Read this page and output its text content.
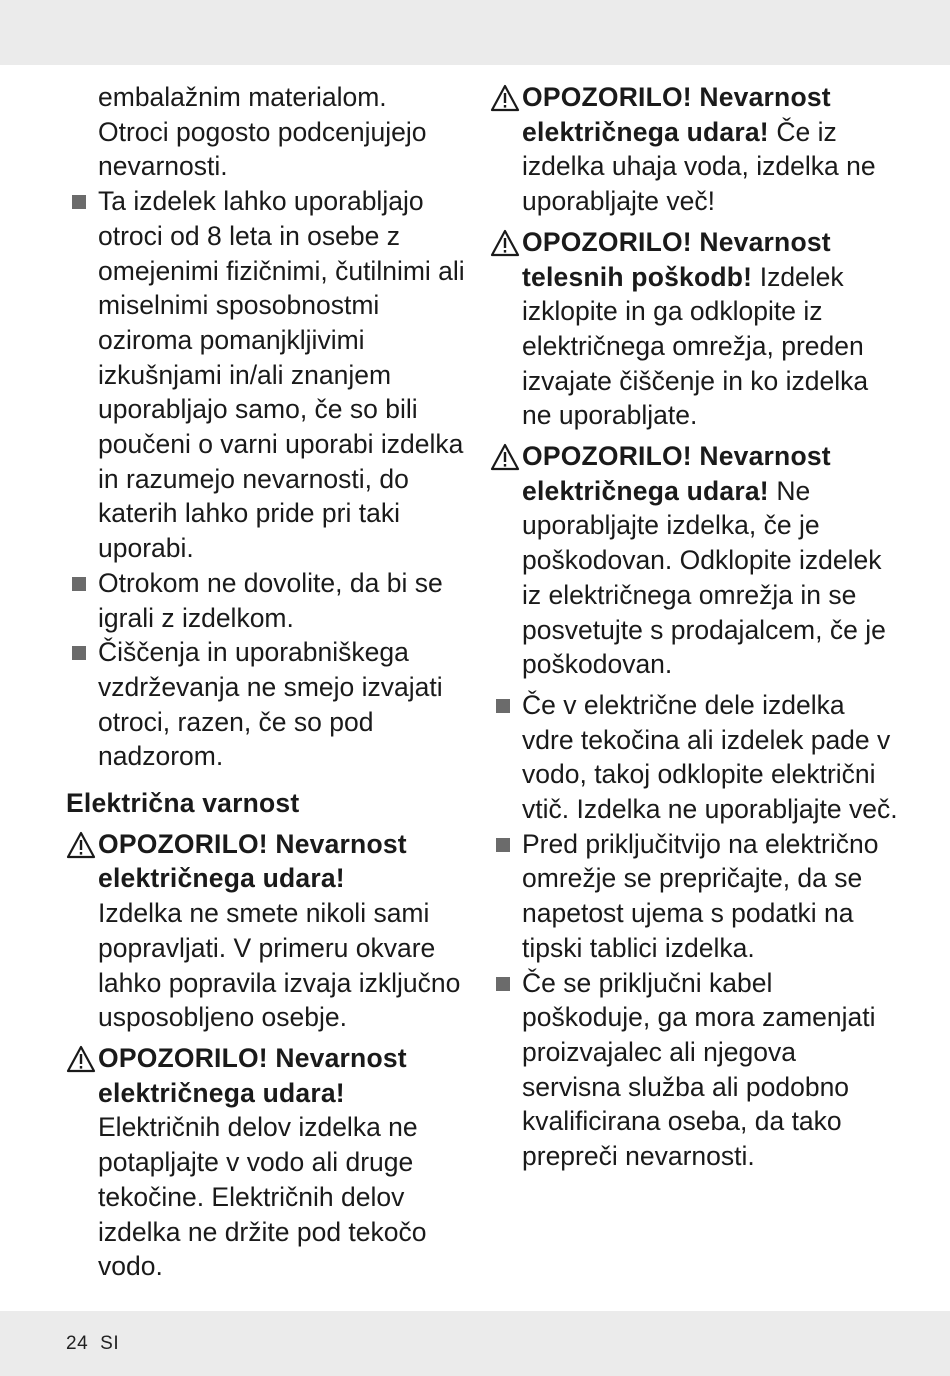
embalažnim materialom.
Otroci pogosto podcenjujejo
nevarnosti.
Ta izdelek lahko uporabljajo otroci od 8 leta in osebe z omejenimi fizičnimi, čutilnimi ali miselnimi sposobnostmi oziroma pomanjkljivimi izkušnjami in/ali znanjem uporabljajo samo, če so bili poučeni o varni uporabi izdelka in razumejo nevarnosti, do katerih lahko pride pri taki uporabi.
Otrokom ne dovolite, da bi se igrali z izdelkom.
Čiščenja in uporabniškega vzdrževanja ne smejo izvajati otroci, razen, če so pod nadzorom.
Električna varnost
OPOZORILO! Nevarnost električnega udara!
Izdelka ne smete nikoli sami popravljati. V primeru okvare lahko popravila izvaja izključno usposobljeno osebje.
OPOZORILO! Nevarnost električnega udara!
Električnih delov izdelka ne potapljajte v vodo ali druge tekočine. Električnih delov izdelka ne držite pod tekočo vodo.
OPOZORILO! Nevarnost električnega udara! Če iz izdelka uhaja voda, izdelka ne uporabljajte več!
OPOZORILO! Nevarnost telesnih poškodb! Izdelek izklopite in ga odklopite iz električnega omrežja, preden izvajate čiščenje in ko izdelka ne uporabljate.
OPOZORILO! Nevarnost električnega udara! Ne uporabljajte izdelka, če je poškodovan. Odklopite izdelek iz električnega omrežja in se posvetujte s prodajalcem, če je poškodovan.
Če v električne dele izdelka vdre tekočina ali izdelek pade v vodo, takoj odklopite električni vtič. Izdelka ne uporabljajte več.
Pred priključitvijo na električno omrežje se prepričajte, da se napetost ujema s podatki na tipski tablici izdelka.
Če se priključni kabel poškoduje, ga mora zamenjati proizvajalec ali njegova servisna služba ali podobno kvalificirana oseba, da tako prepreči nevarnosti.
24 SI
